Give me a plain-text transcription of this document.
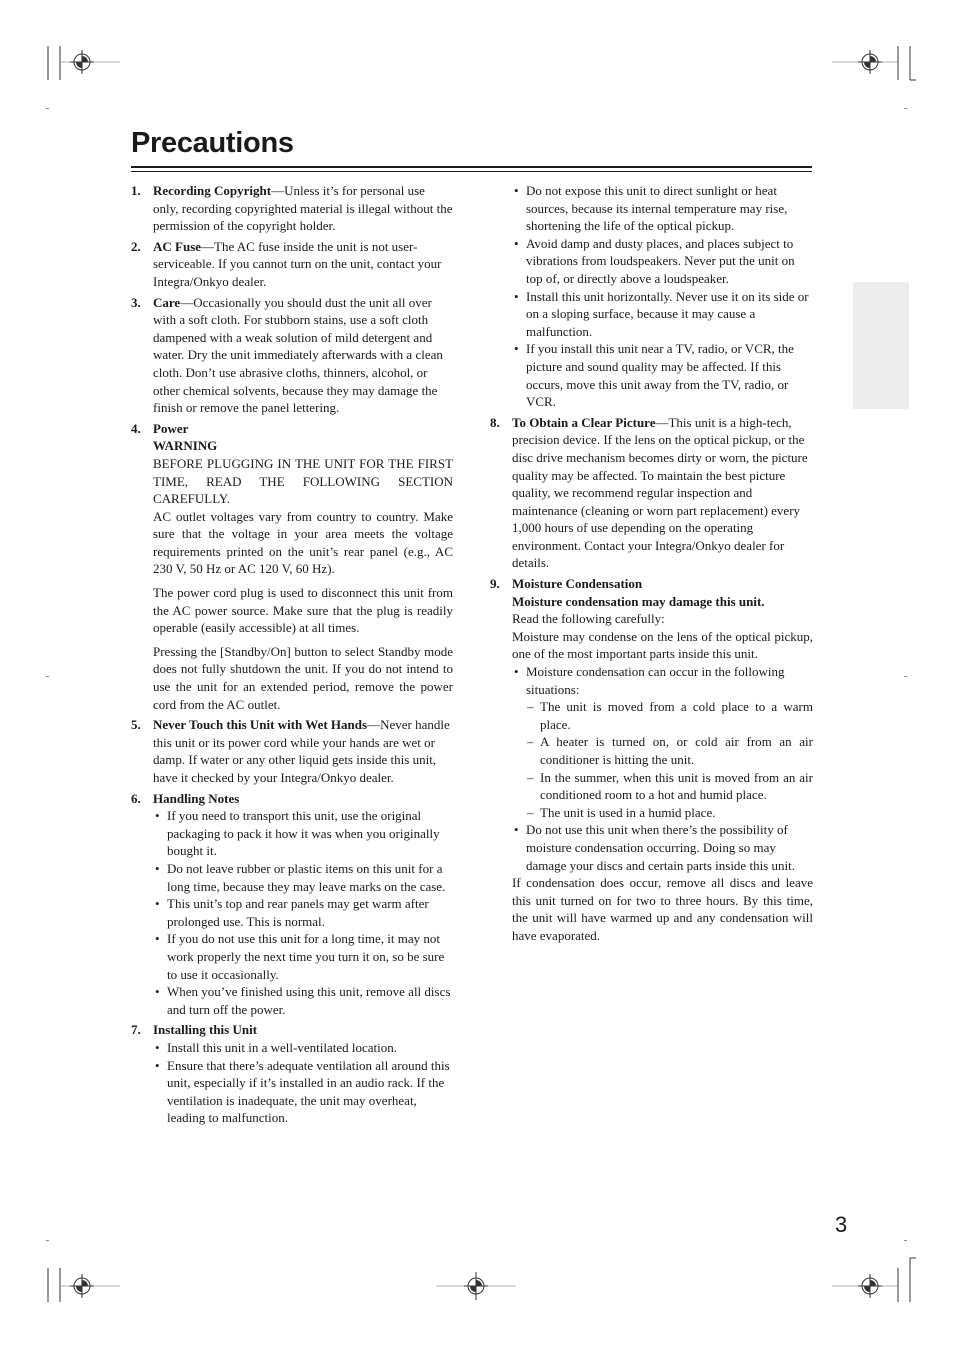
Precautions
1. Recording Copyright—Unless it’s for personal use only, recording copyrighted material is illegal without the permission of the copyright holder.
2. AC Fuse—The AC fuse inside the unit is not user-serviceable. If you cannot turn on the unit, contact your Integra/Onkyo dealer.
3. Care—Occasionally you should dust the unit all over with a soft cloth. For stubborn stains, use a soft cloth dampened with a weak solution of mild detergent and water. Dry the unit immediately afterwards with a clean cloth. Don’t use abrasive cloths, thinners, alcohol, or other chemical solvents, because they may damage the finish or remove the panel lettering.
4. Power
WARNING
BEFORE PLUGGING IN THE UNIT FOR THE FIRST TIME, READ THE FOLLOWING SECTION CAREFULLY.
AC outlet voltages vary from country to country. Make sure that the voltage in your area meets the voltage requirements printed on the unit’s rear panel (e.g., AC 230 V, 50 Hz or AC 120 V, 60 Hz).
The power cord plug is used to disconnect this unit from the AC power source. Make sure that the plug is readily operable (easily accessible) at all times.
Pressing the [Standby/On] button to select Standby mode does not fully shutdown the unit. If you do not intend to use the unit for an extended period, remove the power cord from the AC outlet.
5. Never Touch this Unit with Wet Hands—Never handle this unit or its power cord while your hands are wet or damp. If water or any other liquid gets inside this unit, have it checked by your Integra/Onkyo dealer.
6. Handling Notes
• If you need to transport this unit, use the original packaging to pack it how it was when you originally bought it.
• Do not leave rubber or plastic items on this unit for a long time, because they may leave marks on the case.
• This unit’s top and rear panels may get warm after prolonged use. This is normal.
• If you do not use this unit for a long time, it may not work properly the next time you turn it on, so be sure to use it occasionally.
• When you’ve finished using this unit, remove all discs and turn off the power.
7. Installing this Unit
• Install this unit in a well-ventilated location.
• Ensure that there’s adequate ventilation all around this unit, especially if it’s installed in an audio rack. If the ventilation is inadequate, the unit may overheat, leading to malfunction.
• Do not expose this unit to direct sunlight or heat sources, because its internal temperature may rise, shortening the life of the optical pickup.
• Avoid damp and dusty places, and places subject to vibrations from loudspeakers. Never put the unit on top of, or directly above a loudspeaker.
• Install this unit horizontally. Never use it on its side or on a sloping surface, because it may cause a malfunction.
• If you install this unit near a TV, radio, or VCR, the picture and sound quality may be affected. If this occurs, move this unit away from the TV, radio, or VCR.
8. To Obtain a Clear Picture—This unit is a high-tech, precision device. If the lens on the optical pickup, or the disc drive mechanism becomes dirty or worn, the picture quality may be affected. To maintain the best picture quality, we recommend regular inspection and maintenance (cleaning or worn part replacement) every 1,000 hours of use depending on the operating environment. Contact your Integra/Onkyo dealer for details.
9. Moisture Condensation
Moisture condensation may damage this unit.
Read the following carefully:
Moisture may condense on the lens of the optical pickup, one of the most important parts inside this unit.
• Moisture condensation can occur in the following situations:
– The unit is moved from a cold place to a warm place.
– A heater is turned on, or cold air from an air conditioner is hitting the unit.
– In the summer, when this unit is moved from an air conditioned room to a hot and humid place.
– The unit is used in a humid place.
• Do not use this unit when there’s the possibility of moisture condensation occurring. Doing so may damage your discs and certain parts inside this unit.
If condensation does occur, remove all discs and leave this unit turned on for two to three hours. By this time, the unit will have warmed up and any condensation will have evaporated.
3
